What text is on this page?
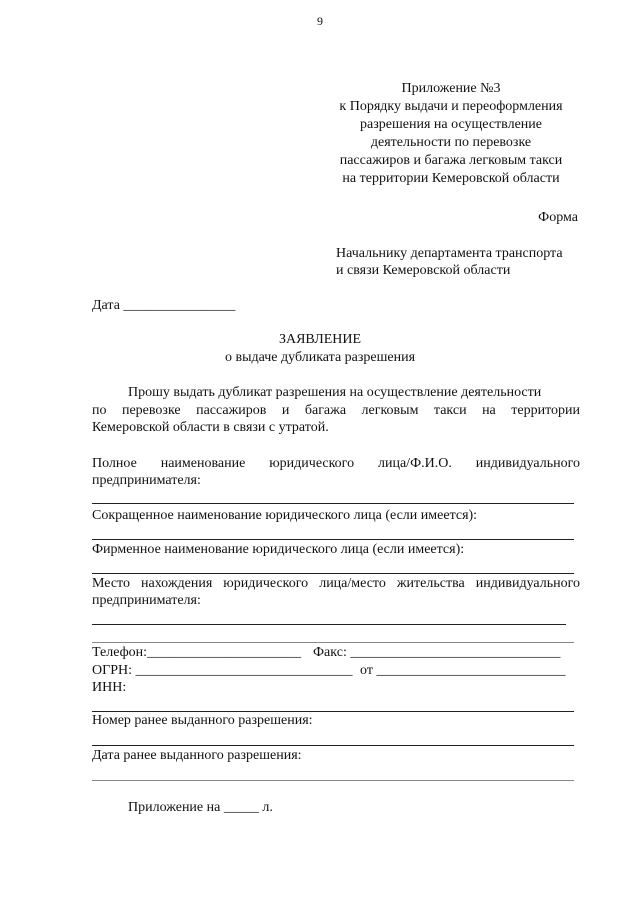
9
Приложение №3
к Порядку выдачи и переоформления
разрешения на осуществление
деятельности по перевозке
пассажиров и багажа легковым такси
на территории Кемеровской области
Форма
Начальнику департамента транспорта
и связи Кемеровской области
Дата ________________
ЗАЯВЛЕНИЕ
о выдаче дубликата разрешения
Прошу выдать дубликат разрешения на осуществление деятельности
по перевозке пассажиров и багажа легковым такси на территории
Кемеровской области в связи с утратой.
Полное наименование юридического лица/Ф.И.О. индивидуального
предпринимателя:
Сокращенное наименование юридического лица (если имеется):
Фирменное наименование юридического лица (если имеется):
Место нахождения юридического лица/место жительства индивидуального
предпринимателя:
Телефон:______________________ Факс: ______________________________
ОГРН: _______________________________ от ___________________________
ИНН:
Номер ранее выданного разрешения:
Дата ранее выданного разрешения:
Приложение на _____ л.
